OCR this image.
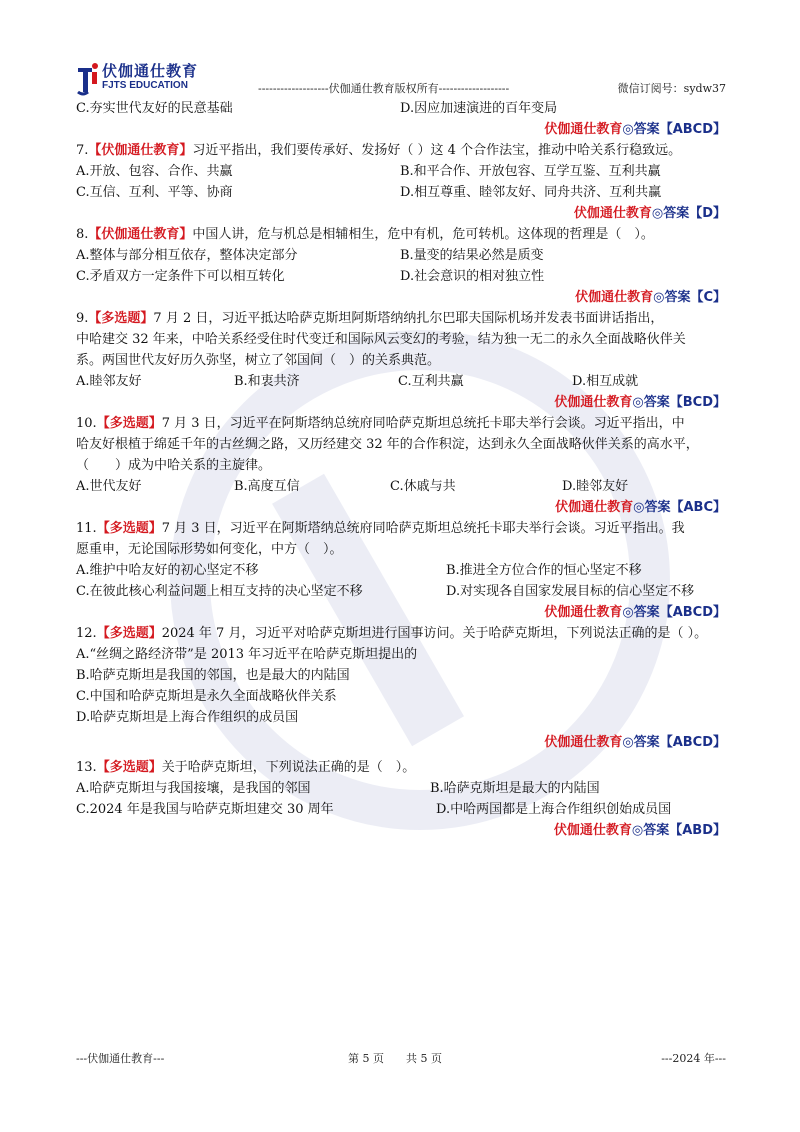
伏伽通仕教育
FJTS EDUCATION	-------------------伏伽通仕教育版权所有-------------------	微信订阅号：sydw37
C.夯实世代友好的民意基础	D.因应加速演进的百年变局
伏伽通仕教育◎答案【ABCD】
7.【伏伽通仕教育】习近平指出，我们要传承好、发扬好（ ）这 4 个合作法宝，推动中哈关系行稳致远。
A.开放、包容、合作、共赢	B.和平合作、开放包容、互学互鉴、互利共赢
C.互信、互利、平等、协商	D.相互尊重、睦邻友好、同舟共济、互利共赢
伏伽通仕教育◎答案【D】
8.【伏伽通仕教育】中国人讲，危与机总是相辅相生，危中有机，危可转机。这体现的哲理是（　）。
A.整体与部分相互依存，整体决定部分	B.量变的结果必然是质变
C.矛盾双方一定条件下可以相互转化	D.社会意识的相对独立性
伏伽通仕教育◎答案【C】
9.【多选题】7 月 2 日，习近平抵达哈萨克斯坦阿斯塔纳纳扎尔巴耶夫国际机场并发表书面讲话指出，
中哈建交 32 年来，中哈关系经受住时代变迁和国际风云变幻的考验，结为独一无二的永久全面战略伙伴关
系。两国世代友好历久弥坚，树立了邻国间（　）的关系典范。
A.睦邻友好	B.和衷共济	C.互利共赢	D.相互成就
伏伽通仕教育◎答案【BCD】
10.【多选题】7 月 3 日，习近平在阿斯塔纳总统府同哈萨克斯坦总统托卡耶夫举行会谈。习近平指出，中
哈友好根植于绵延千年的古丝绸之路，又历经建交 32 年的合作积淀，达到永久全面战略伙伴关系的高水平，
（　　）成为中哈关系的主旋律。
A.世代友好	B.高度互信	C.休戚与共	D.睦邻友好
伏伽通仕教育◎答案【ABC】
11.【多选题】7 月 3 日，习近平在阿斯塔纳总统府同哈萨克斯坦总统托卡耶夫举行会谈。习近平指出。我
愿重申，无论国际形势如何变化，中方（　）。
A.维护中哈友好的初心坚定不移	B.推进全方位合作的恒心坚定不移
C.在彼此核心利益问题上相互支持的决心坚定不移	D.对实现各自国家发展目标的信心坚定不移
伏伽通仕教育◎答案【ABCD】
12.【多选题】2024 年 7 月，习近平对哈萨克斯坦进行国事访问。关于哈萨克斯坦，下列说法正确的是（ ）。
A.“丝绸之路经济带”是 2013 年习近平在哈萨克斯坦提出的
B.哈萨克斯坦是我国的邻国，也是最大的内陆国
C.中国和哈萨克斯坦是永久全面战略伙伴关系
D.哈萨克斯坦是上海合作组织的成员国
伏伽通仕教育◎答案【ABCD】
13.【多选题】关于哈萨克斯坦，下列说法正确的是（　）。
A.哈萨克斯坦与我国接壤，是我国的邻国	B.哈萨克斯坦是最大的内陆国
C.2024 年是我国与哈萨克斯坦建交 30 周年	D.中哈两国都是上海合作组织创始成员国
伏伽通仕教育◎答案【ABD】
---伏伽通仕教育---	第 5 页　　共 5 页	---2024 年---
